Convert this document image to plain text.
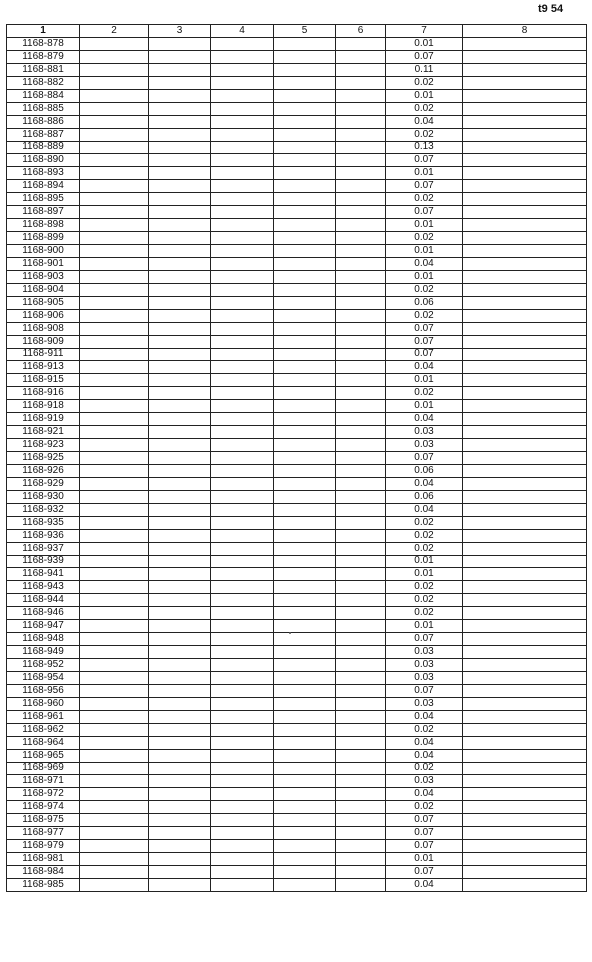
t9 54
1	2	3	4	5	6	7	8
1168-878						0.01	
1168-879						0.07	
1168-881						0.11	
1168-882						0.02	
1168-884						0.01	
1168-885						0.02	
1168-886						0.04	
1168-887						0.02	
1168-889						0.13	
1168-890						0.07	
1168-893						0.01	
1168-894						0.07	
1168-895						0.02	
1168-897						0.07	
1168-898						0.01	
1168-899						0.02	
1168-900						0.01	
1168-901						0.04	
1168-903						0.01	
1168-904						0.02	
1168-905						0.06	
1168-906						0.02	
1168-908						0.07	
1168-909						0.07	
1168-911						0.07	
1168-913						0.04	
1168-915						0.01	
1168-916						0.02	
1168-918						0.01	
1168-919						0.04	
1168-921						0.03	
1168-923						0.03	
1168-925						0.07	
1168-926						0.06	
1168-929						0.04	
1168-930						0.06	
1168-932						0.04	
1168-935						0.02	
1168-936						0.02	
1168-937						0.02	
1168-939						0.01	
1168-941						0.01	
1168-943						0.02	
1168-944						0.02	
1168-946						0.02	
1168-947						0.01	
1168-948						0.07	
1168-949						0.03	
1168-952						0.03	
1168-954						0.03	
1168-956						0.07	
1168-960						0.03	
1168-961						0.04	
1168-962						0.02	
1168-964						0.04	
1168-965						0.04	
1168-969						0.02	
1168-971						0.03	
1168-972						0.04	
1168-974						0.02	
1168-975						0.07	
1168-977						0.07	
1168-979						0.07	
1168-981						0.01	
1168-984						0.07	
1168-985						0.04	
